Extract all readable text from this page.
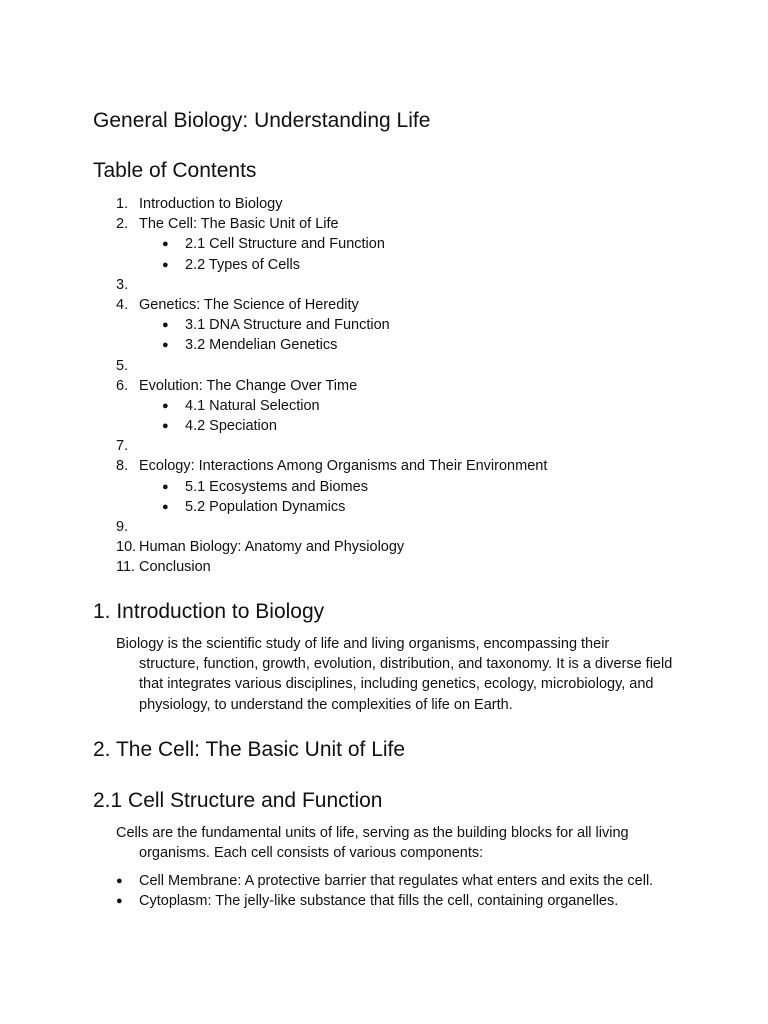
General Biology: Understanding Life
Table of Contents
1. Introduction to Biology
2. The Cell: The Basic Unit of Life
● 2.1 Cell Structure and Function
● 2.2 Types of Cells
3.
4. Genetics: The Science of Heredity
● 3.1 DNA Structure and Function
● 3.2 Mendelian Genetics
5.
6. Evolution: The Change Over Time
● 4.1 Natural Selection
● 4.2 Speciation
7.
8. Ecology: Interactions Among Organisms and Their Environment
● 5.1 Ecosystems and Biomes
● 5.2 Population Dynamics
9.
10. Human Biology: Anatomy and Physiology
11. Conclusion
1. Introduction to Biology

Biology is the scientific study of life and living organisms, encompassing their
structure, function, growth, evolution, distribution, and taxonomy. It is a diverse field that integrates various disciplines, including genetics, ecology, microbiology, and physiology, to understand the complexities of life on Earth.

2. The Cell: The Basic Unit of Life
2.1 Cell Structure and Function

Cells are the fundamental units of life, serving as the building blocks for all living
organisms. Each cell consists of various components:

● Cell Membrane: A protective barrier that regulates what enters and exits the cell.
● Cytoplasm: The jelly-like substance that fills the cell, containing organelles.
